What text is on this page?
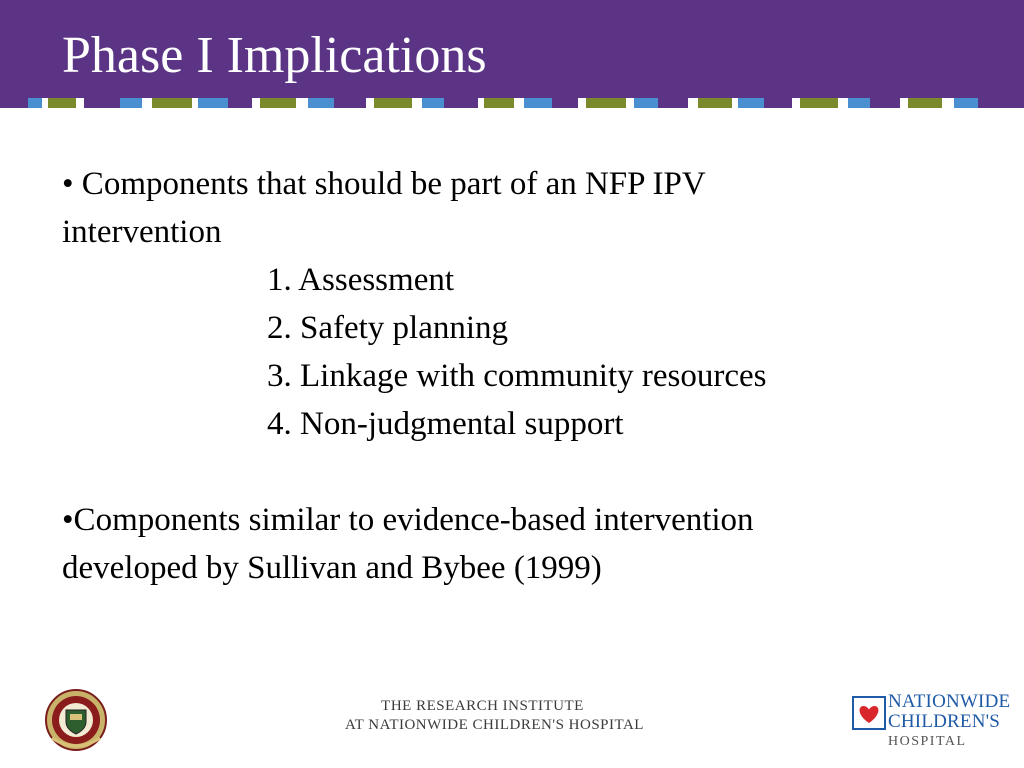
Phase I Implications
• Components that should be part of an NFP IPV
intervention
1. Assessment
2. Safety planning
3. Linkage with community resources
4. Non-judgmental support
•Components similar to evidence-based intervention
developed by Sullivan and Bybee (1999)
THE RESEARCH INSTITUTE
AT NATIONWIDE CHILDREN'S HOSPITAL
NATIONWIDE
CHILDREN'S
HOSPITAL
